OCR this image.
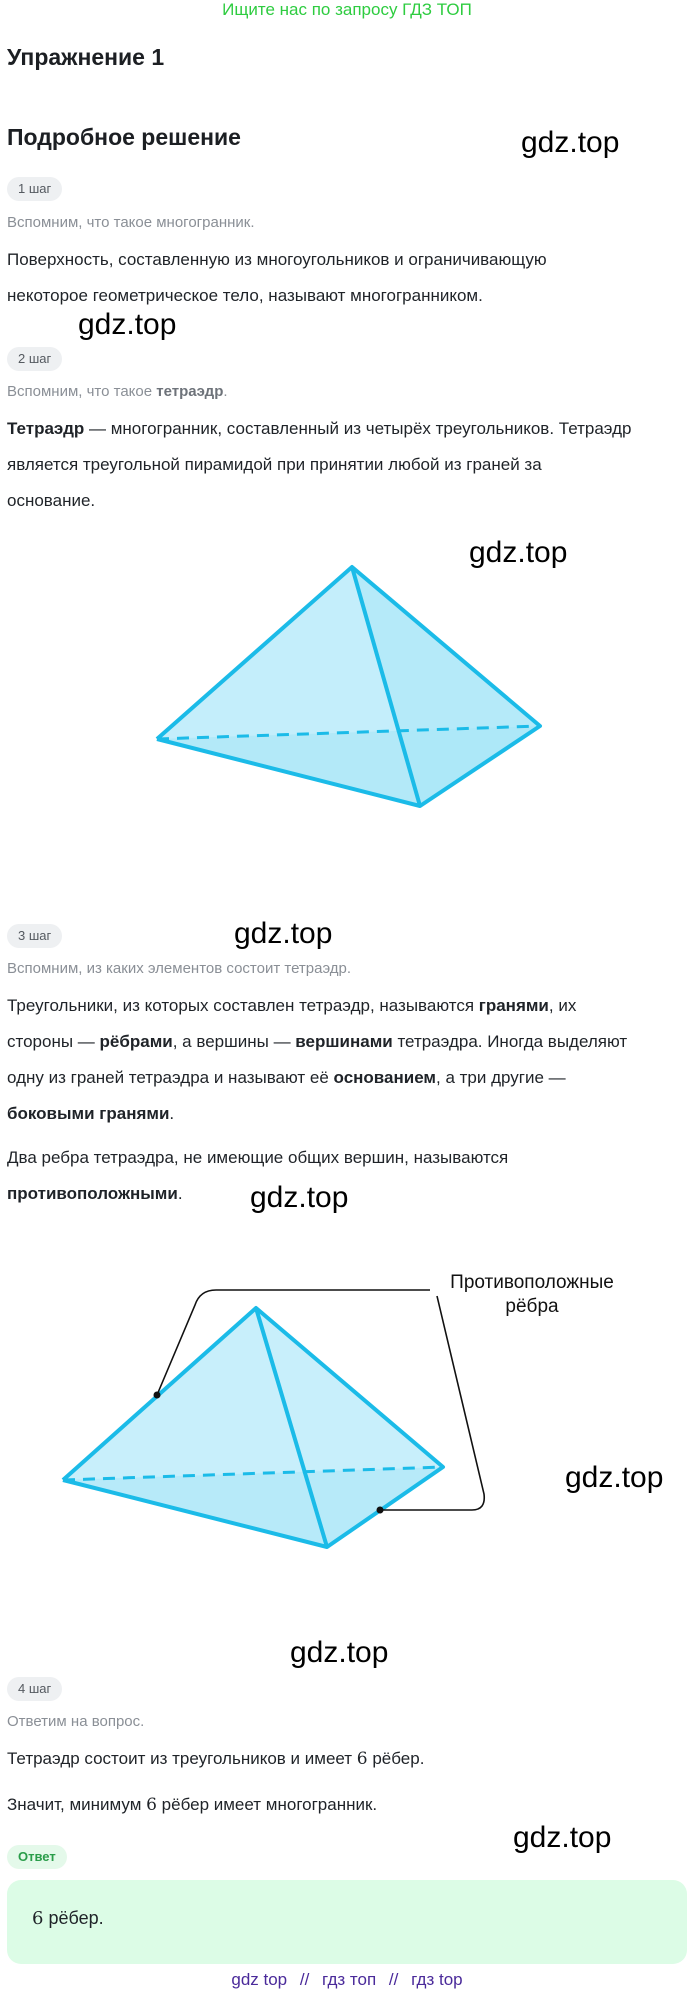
Ищите нас по запросу ГДЗ ТОП
Упражнение 1
Подробное решение	gdz.top
gdz.top
gdz.top
gdz.top
gdz.top
gdz.top
gdz.top
gdz.top
1 шаг
Вспомним, что такое многогранник.
Поверхность, составленную из многоугольников и ограничивающую
некоторое геометрическое тело, называют многогранником.
2 шаг
Вспомним, что такое тетраэдр.
Тетраэдр — многогранник, составленный из четырёх треугольников. Тетраэдр
является треугольной пирамидой при принятии любой из граней за
основание.
3 шаг
Вспомним, из каких элементов состоит тетраэдр.
Треугольники, из которых составлен тетраэдр, называются гранями, их
стороны — рёбрами, а вершины — вершинами тетраэдра. Иногда выделяют
одну из граней тетраэдра и называют её основанием, а три другие —
боковыми гранями.
Два ребра тетраэдра, не имеющие общих вершин, называются
противоположными.
Противоположные
рёбра
4 шаг
Ответим на вопрос.
Тетраэдр состоит из треугольников и имеет 6 рёбер.
Значит, минимум 6 рёбер имеет многогранник.
Ответ
6 рёбер.
gdz top // гдз топ // гдз top
